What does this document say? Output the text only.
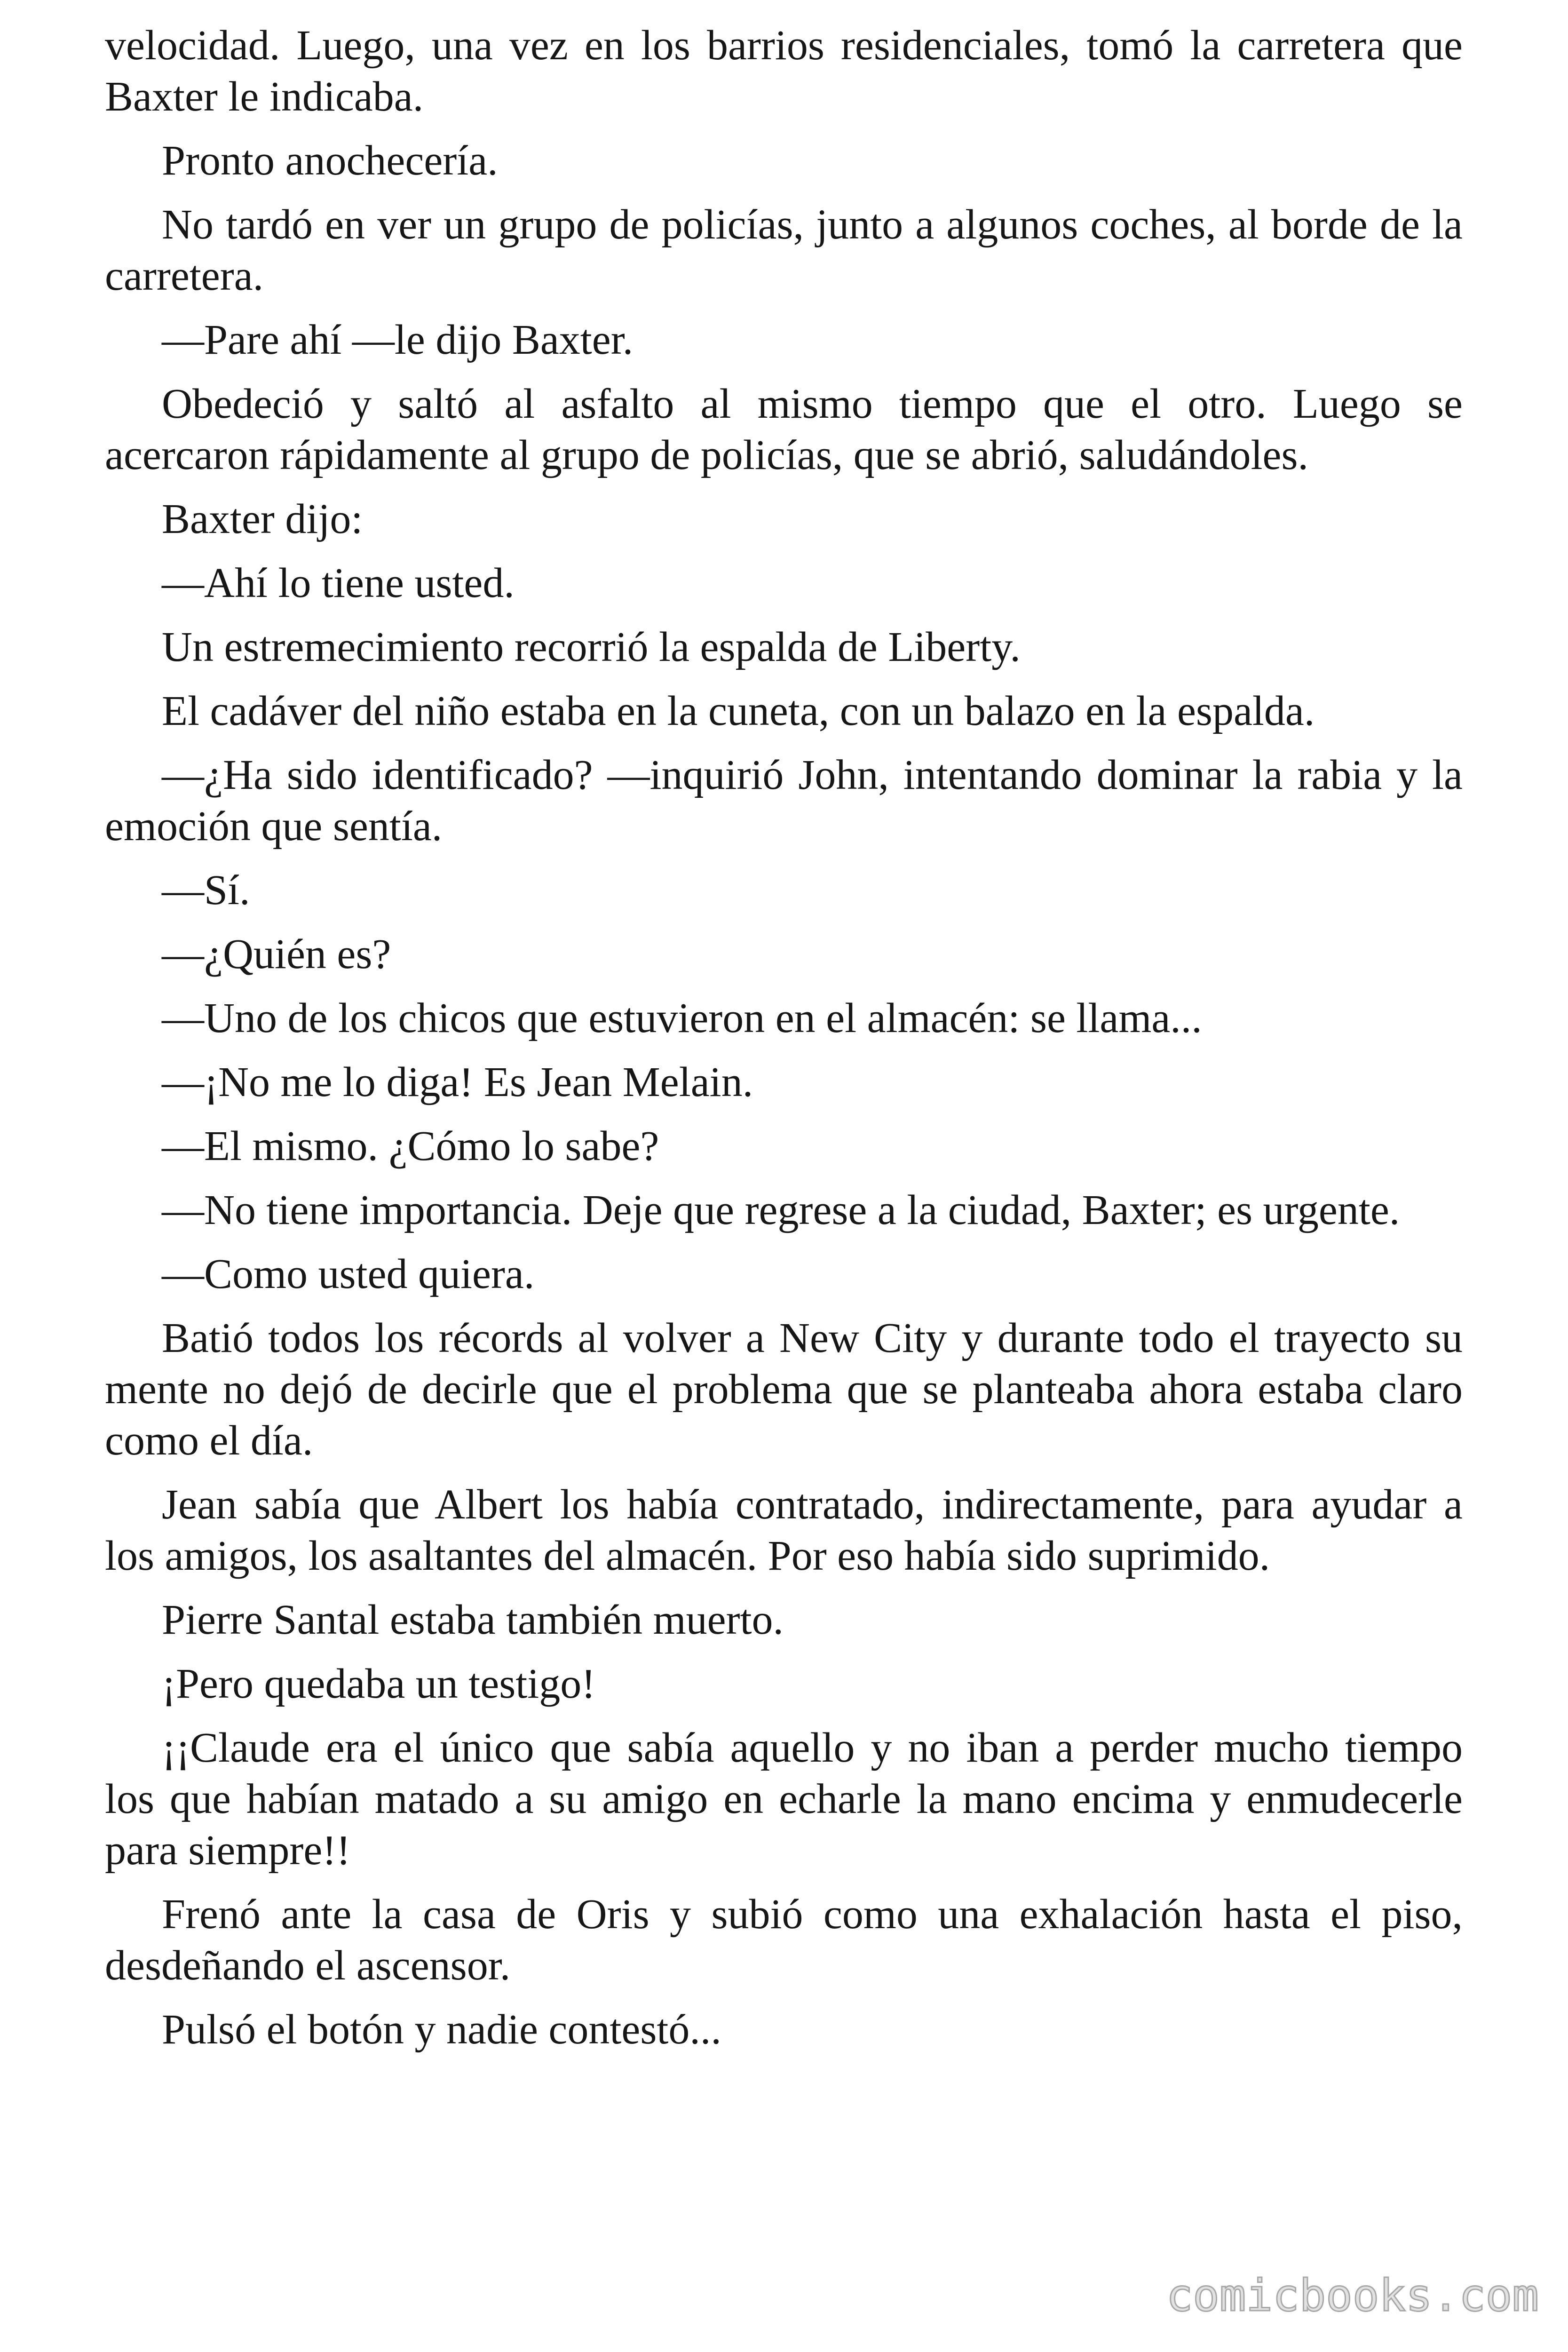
velocidad. Luego, una vez en los barrios residenciales, tomó la carretera que
Baxter le indicaba.
Pronto anochecería.
No tardó en ver un grupo de policías, junto a algunos coches, al borde de la
carretera.
—Pare ahí —le dijo Baxter.
Obedeció y saltó al asfalto al mismo tiempo que el otro. Luego se
acercaron rápidamente al grupo de policías, que se abrió, saludándoles.
Baxter dijo:
—Ahí lo tiene usted.
Un estremecimiento recorrió la espalda de Liberty.
El cadáver del niño estaba en la cuneta, con un balazo en la espalda.
—¿Ha sido identificado? —inquirió John, intentando dominar la rabia y la
emoción que sentía.
—Sí.
—¿Quién es?
—Uno de los chicos que estuvieron en el almacén: se llama...
—¡No me lo diga! Es Jean Melain.
—El mismo. ¿Cómo lo sabe?
—No tiene importancia. Deje que regrese a la ciudad, Baxter; es urgente.
—Como usted quiera.
Batió todos los récords al volver a New City y durante todo el trayecto su
mente no dejó de decirle que el problema que se planteaba ahora estaba claro
como el día.
Jean sabía que Albert los había contratado, indirectamente, para ayudar a
los amigos, los asaltantes del almacén. Por eso había sido suprimido.
Pierre Santal estaba también muerto.
¡Pero quedaba un testigo!
¡¡Claude era el único que sabía aquello y no iban a perder mucho tiempo
los que habían matado a su amigo en echarle la mano encima y enmudecerle
para siempre!!
Frenó ante la casa de Oris y subió como una exhalación hasta el piso,
desdeñando el ascensor.
Pulsó el botón y nadie contestó...
comicbooks.com
